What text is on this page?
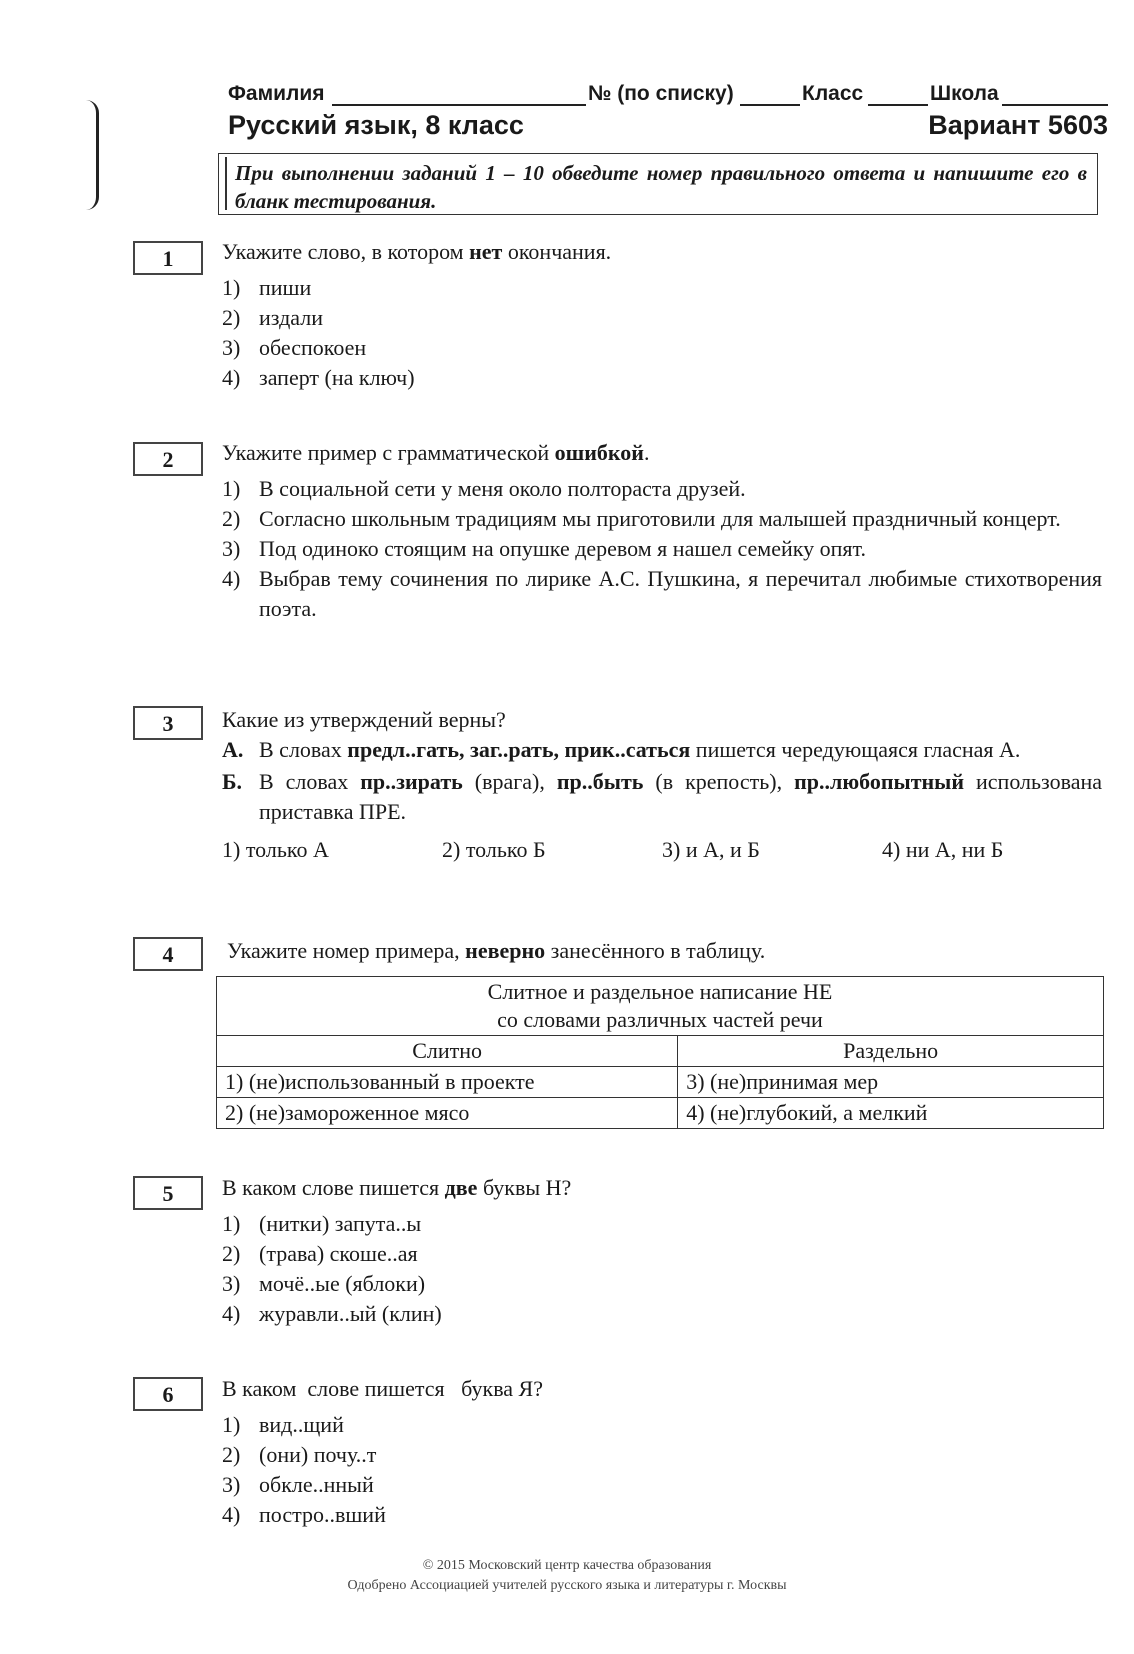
Фамилия	№ (по списку)	Класс	Школа
Русский язык, 8 класс	Вариант 5603
При выполнении заданий 1 – 10 обведите номер правильного ответа и напишите его в бланк тестирования.
1	Укажите слово, в котором нет окончания.

1) пиши

2) издали

3) обеспокоен

4) заперт (на ключ)

2	Укажите пример с грамматической ошибкой.

1) В социальной сети у меня около полтораста друзей.

2) Согласно школьным традициям мы приготовили для малышей праздничный концерт.

3) Под одиноко стоящим на опушке деревом я нашел семейку опят.

4) Выбрав тему сочинения по лирике А.С. Пушкина, я перечитал любимые стихотворения поэта.

3	Какие из утверждений верны?

А. В словах предл..гать, заг..рать, прик..саться пишется чередующаяся гласная А.

Б. В словах пр..зирать (врага), пр..быть (в крепость), пр..любопытный использована приставка ПРЕ.

1) только А	2) только Б	3) и А, и Б	4) ни А, ни Б
4	Укажите номер примера, неверно занесённого в таблицу.

Слитное и раздельное написание НЕ
со словами различных частей речи	

Слитно	Раздельно
1) (не)использованный в проекте	3) (не)принимая мер
2) (не)замороженное мясо	4) (не)глубокий, а мелкий
5	В каком слове пишется две буквы Н?

1) (нитки) запута..ы

2) (трава) скоше..ая

3) мочё..ые (яблоки)

4) журавли..ый (клин)

6	В каком  слове пишется   буква Я?

1) вид..щий

2) (они) почу..т

3) обкле..нный

4) постро..вший

© 2015 Московский центр качества образования
Одобрено Ассоциацией учителей русского языка и литературы г. Москвы
